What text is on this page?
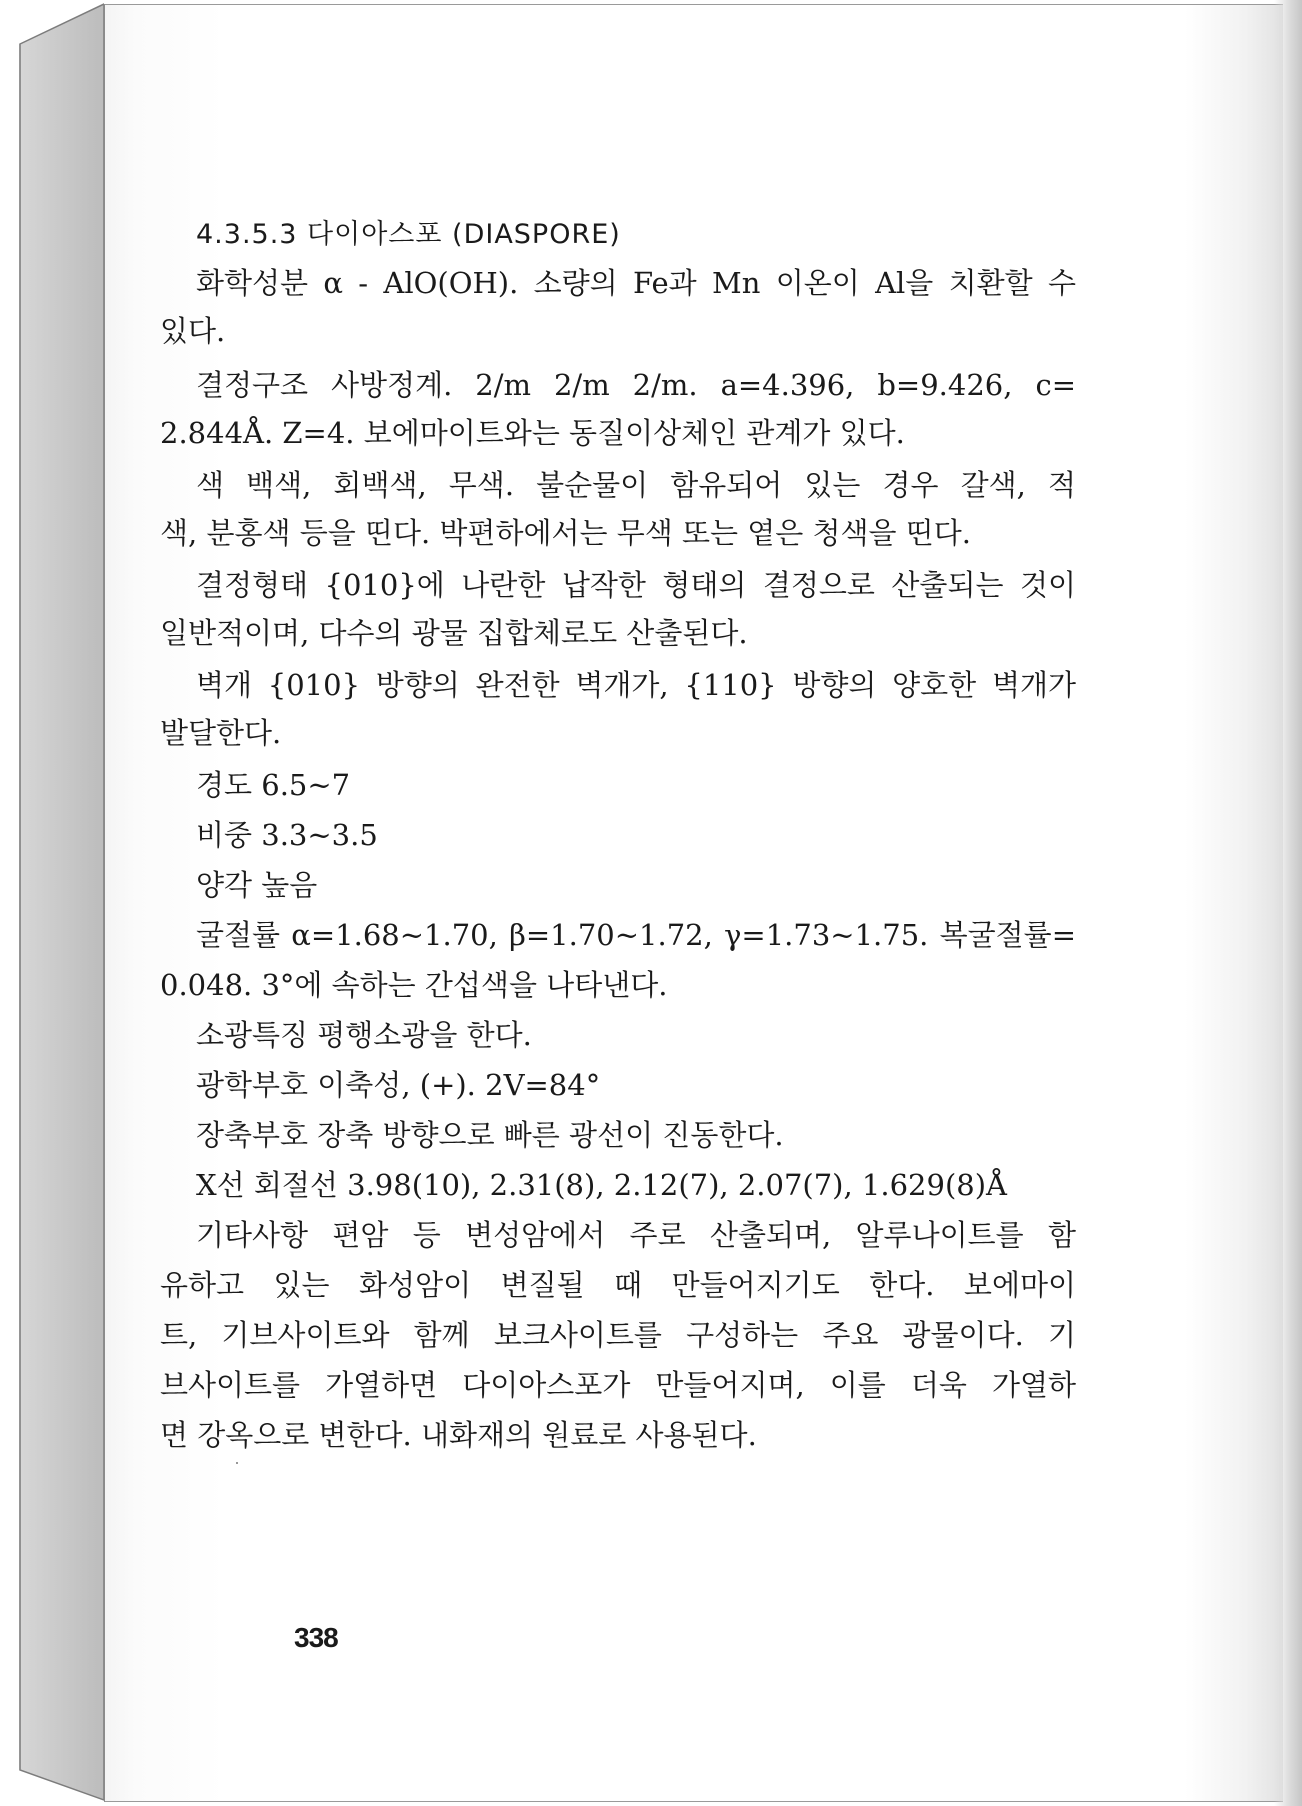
4.3.5.3 다이아스포 (DIASPORE)
화학성분 α - AlO(OH). 소량의 Fe과 Mn 이온이 Al을 치환할 수
있다.
결정구조 사방정계. 2/m 2/m 2/m. a=4.396, b=9.426, c=
2.844Å. Z=4. 보에마이트와는 동질이상체인 관계가 있다.
색 백색, 회백색, 무색. 불순물이 함유되어 있는 경우 갈색, 적
색, 분홍색 등을 띤다. 박편하에서는 무색 또는 옅은 청색을 띤다.
결정형태 {010}에 나란한 납작한 형태의 결정으로 산출되는 것이
일반적이며, 다수의 광물 집합체로도 산출된다.
벽개 {010} 방향의 완전한 벽개가, {110} 방향의 양호한 벽개가
발달한다.
경도 6.5~7
비중 3.3~3.5
양각 높음
굴절률 α=1.68~1.70, β=1.70~1.72, γ=1.73~1.75. 복굴절률=
0.048. 3°에 속하는 간섭색을 나타낸다.
소광특징 평행소광을 한다.
광학부호 이축성, (+). 2V=84°
장축부호 장축 방향으로 빠른 광선이 진동한다.
X선 회절선 3.98(10), 2.31(8), 2.12(7), 2.07(7), 1.629(8)Å
기타사항 편암 등 변성암에서 주로 산출되며, 알루나이트를 함
유하고 있는 화성암이 변질될 때 만들어지기도 한다. 보에마이
트, 기브사이트와 함께 보크사이트를 구성하는 주요 광물이다. 기
브사이트를 가열하면 다이아스포가 만들어지며, 이를 더욱 가열하
면 강옥으로 변한다. 내화재의 원료로 사용된다.
338
